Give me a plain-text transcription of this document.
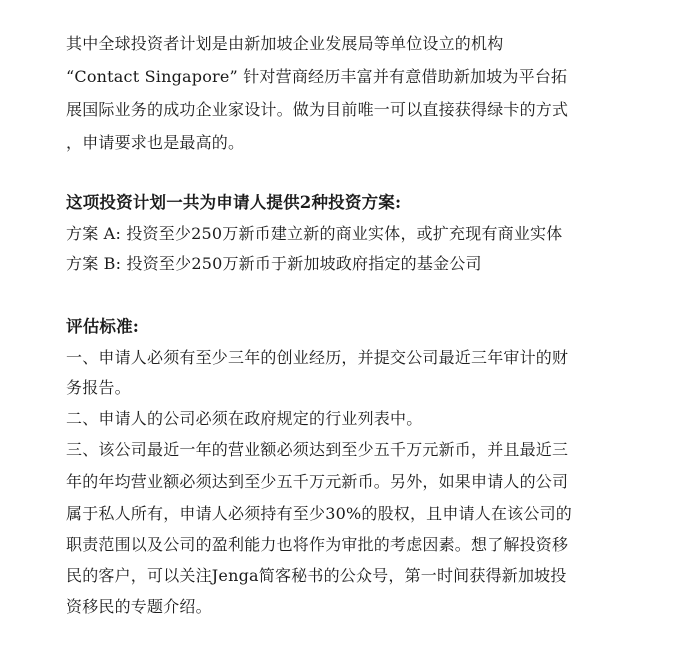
其中全球投资者计划是由新加坡企业发展局等单位设立的机构
“Contact Singapore” 针对营商经历丰富并有意借助新加坡为平台拓
展国际业务的成功企业家设计。做为目前唯一可以直接获得绿卡的方式
，申请要求也是最高的。
这项投资计划一共为申请人提供2种投资方案:
方案 A: 投资至少250万新币建立新的商业实体，或扩充现有商业实体
方案 B: 投资至少250万新币于新加坡政府指定的基金公司
评估标准:
一、申请人必须有至少三年的创业经历，并提交公司最近三年审计的财
务报告。
二、申请人的公司必须在政府规定的行业列表中。
三、该公司最近一年的营业额必须达到至少五千万元新币，并且最近三
年的年均营业额必须达到至少五千万元新币。另外，如果申请人的公司
属于私人所有，申请人必须持有至少30%的股权，且申请人在该公司的
职责范围以及公司的盈利能力也将作为审批的考虑因素。想了解投资移
民的客户，可以关注Jenga简客秘书的公众号，第一时间获得新加坡投
资移民的专题介绍。
